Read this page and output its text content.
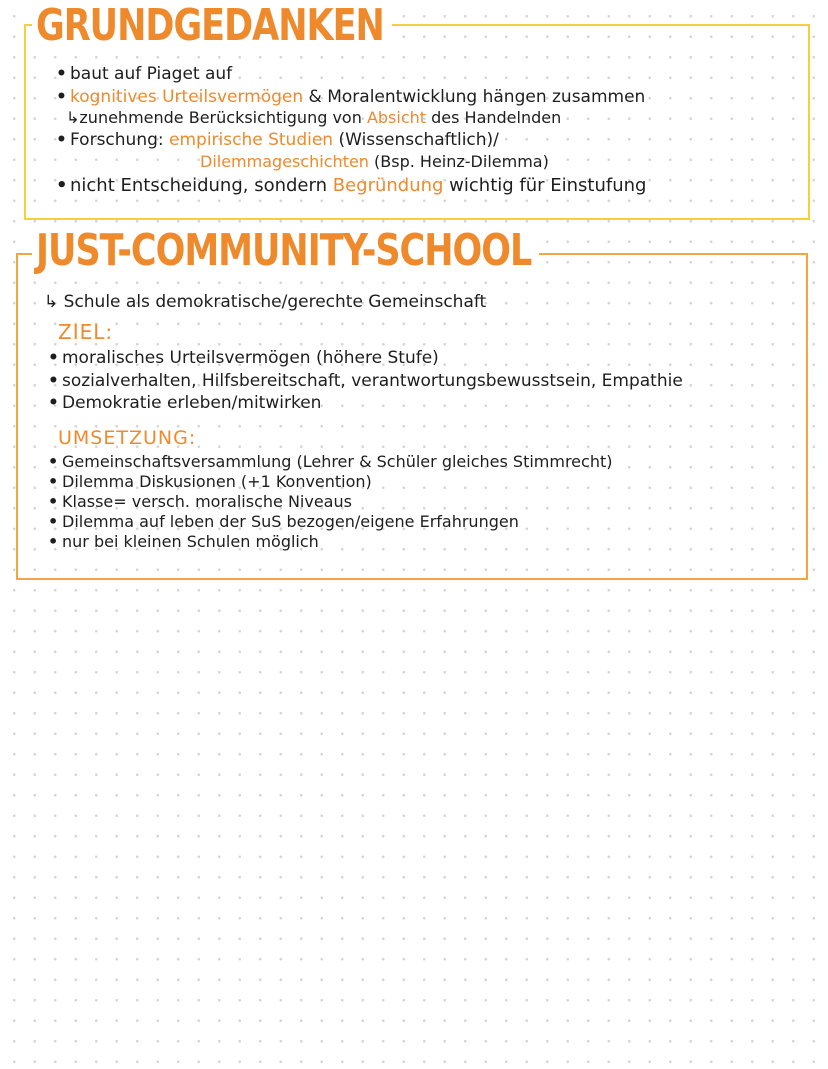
GRUNDGEDANKEN
• baut auf Piaget auf
• kognitives Urteilsvermögen & Moralentwicklung hängen zusammen
↳zunehmende Berücksichtigung von Absicht des Handelnden
• Forschung: empirische Studien (Wissenschaftlich)/
Dilemmageschichten (Bsp. Heinz-Dilemma)
• nicht Entscheidung, sondern Begründung wichtig für Einstufung
JUST-COMMUNITY-SCHOOL
↳ Schule als demokratische/gerechte Gemeinschaft
ZIEL:
• moralisches Urteilsvermögen (höhere Stufe)
• sozialverhalten, Hilfsbereitschaft, verantwortungsbewusstsein, Empathie
• Demokratie erleben/mitwirken
UMSETZUNG:
• Gemeinschaftsversammlung (Lehrer & Schüler gleiches Stimmrecht)
• Dilemma Diskusionen (+1 Konvention)
• Klasse= versch. moralische Niveaus
• Dilemma auf leben der SuS bezogen/eigene Erfahrungen
• nur bei kleinen Schulen möglich
